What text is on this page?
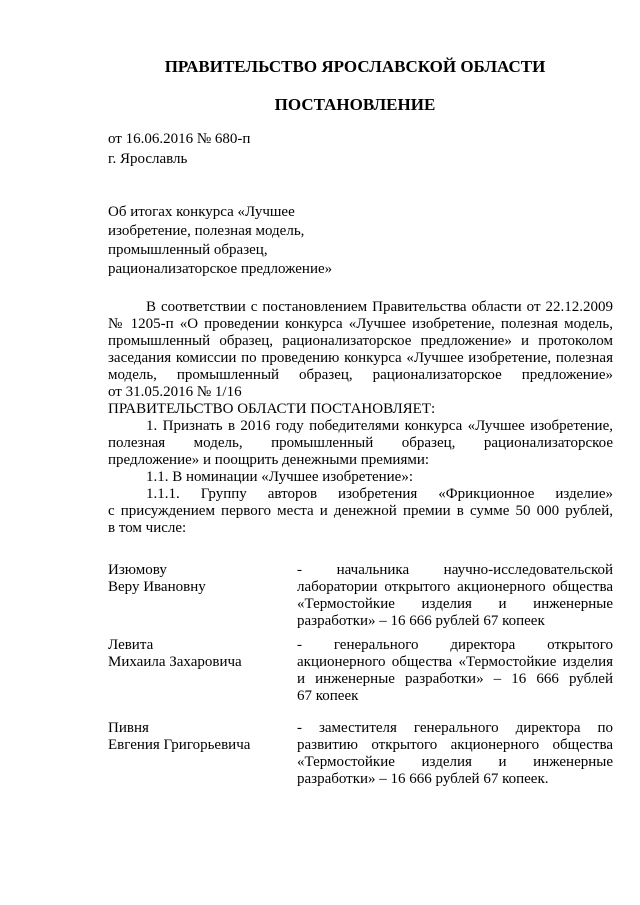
ПРАВИТЕЛЬСТВО ЯРОСЛАВСКОЙ ОБЛАСТИ
ПОСТАНОВЛЕНИЕ
от 16.06.2016 № 680-п
г. Ярославль
Об итогах конкурса «Лучшее
изобретение, полезная модель,
промышленный образец,
рационализаторское предложение»
В соответствии с постановлением Правительства области от 22.12.2009
№ 1205-п «О проведении конкурса «Лучшее изобретение, полезная модель,
промышленный образец, рационализаторское предложение» и протоколом
заседания комиссии по проведению конкурса «Лучшее изобретение, полезная
модель, промышленный образец, рационализаторское предложение»
от 31.05.2016 № 1/16
ПРАВИТЕЛЬСТВО ОБЛАСТИ ПОСТАНОВЛЯЕТ:
1. Признать в 2016 году победителями конкурса «Лучшее изобретение,
полезная модель, промышленный образец, рационализаторское
предложение» и поощрить денежными премиями:
1.1. В номинации «Лучшее изобретение»:
1.1.1. Группу авторов изобретения «Фрикционное изделие»
с присуждением первого места и денежной премии в сумме 50 000 рублей,
в том числе:
Изюмову
Веру Ивановну
- начальника научно-исследовательской
лаборатории открытого акционерного общества
«Термостойкие изделия и инженерные
разработки» – 16 666 рублей 67 копеек
Левита
Михаила Захаровича
- генерального директора открытого
акционерного общества «Термостойкие изделия
и инженерные разработки» – 16 666 рублей
67 копеек
Пивня
Евгения Григорьевича
- заместителя генерального директора по
развитию открытого акционерного общества
«Термостойкие изделия и инженерные
разработки» – 16 666 рублей 67 копеек.
